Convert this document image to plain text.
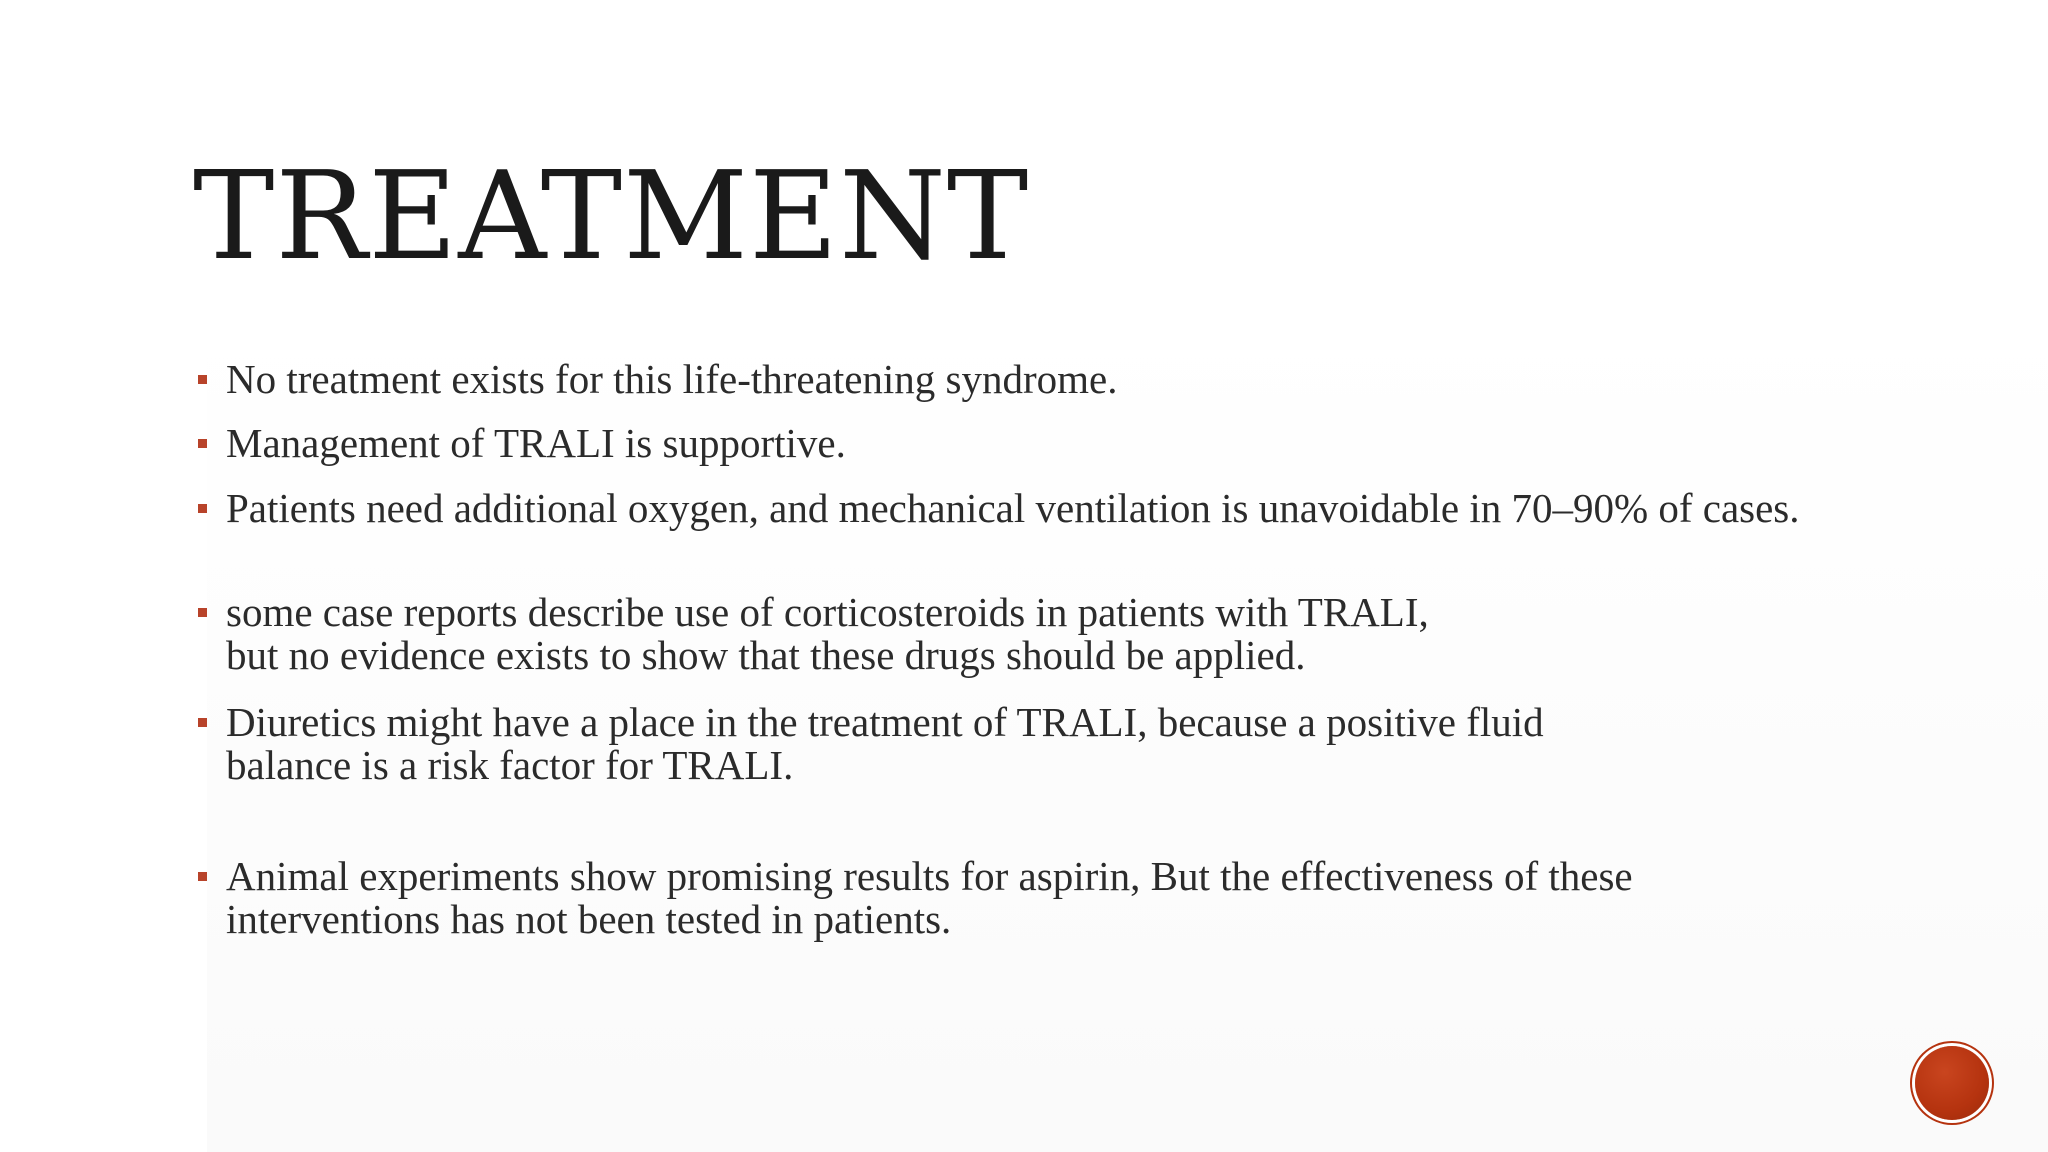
TREATMENT
No treatment exists for this life-threatening syndrome.
Management of TRALI is supportive.
Patients need additional oxygen, and mechanical ventilation is unavoidable in 70–90% of cases.
some case reports describe use of corticosteroids in patients with TRALI,
but no evidence exists to show that these drugs should be applied.
Diuretics might have a place in the treatment of TRALI, because a positive fluid
balance is a risk factor for TRALI.
Animal experiments show promising results for aspirin, But the effectiveness of these
interventions has not been tested in patients.
